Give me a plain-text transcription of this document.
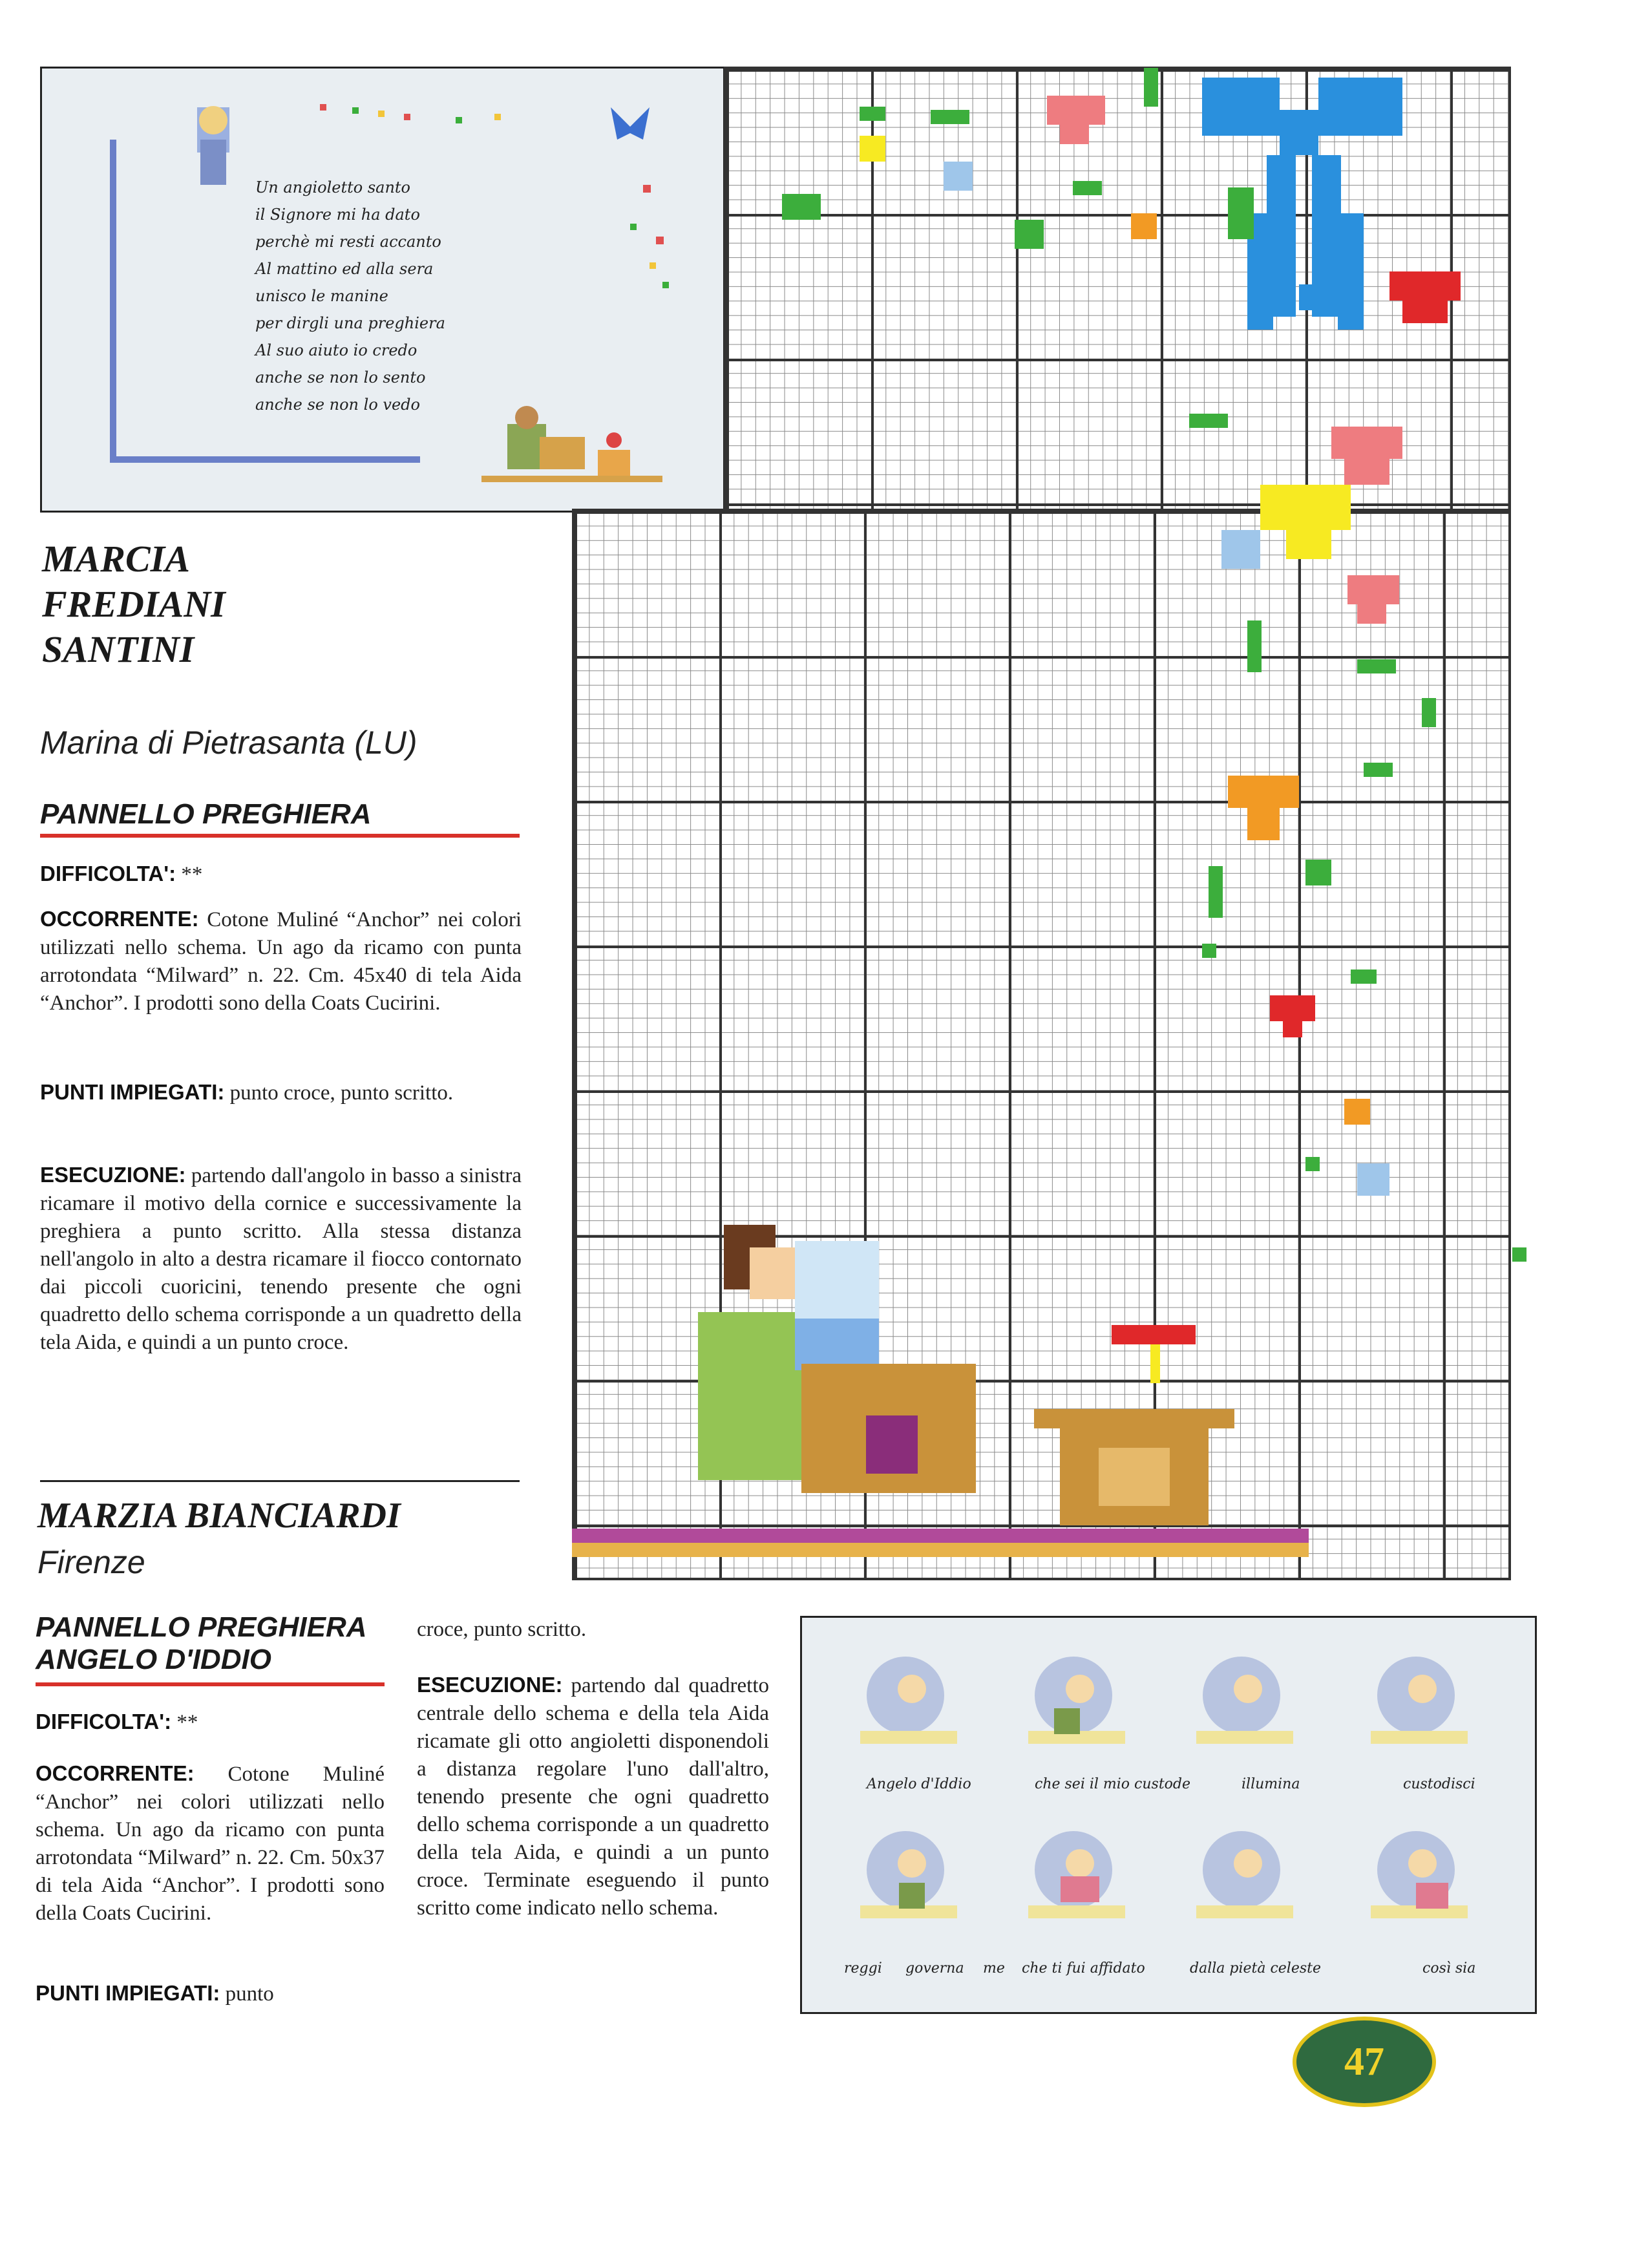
Un angioletto santo
il Signore mi ha dato
perchè mi resti accanto
Al mattino ed alla sera
unisco le manine
per dirgli una preghiera
Al suo aiuto io credo
anche se non lo sento
anche se non lo vedo
MARCIA
FREDIANI
SANTINI
Marina di Pietrasanta (LU)
PANNELLO PREGHIERA
DIFFICOLTA': **
OCCORRENTE: Cotone Muliné “Anchor” nei colori utilizzati nello schema. Un ago da ricamo con punta arrotondata “Milward” n. 22. Cm. 45x40 di tela Aida “Anchor”. I prodotti sono della Coats Cucirini.
PUNTI IMPIEGATI: punto croce, punto scritto.
ESECUZIONE: partendo dall'angolo in basso a sinistra ricamare il motivo della cornice e successivamente la preghiera a punto scritto. Alla stessa distanza nell'angolo in alto a destra ricamare il fiocco contornato dai piccoli cuoricini, tenendo presente che ogni quadretto dello schema corrisponde a un quadretto della tela Aida, e quindi a un punto croce.
MARZIA BIANCIARDI
Firenze
PANNELLO PREGHIERA
ANGELO D'IDDIO
DIFFICOLTA': **
OCCORRENTE: Cotone Muliné “Anchor” nei colori utilizzati nello schema. Un ago da ricamo con punta arrotondata “Milward” n. 22. Cm. 50x37 di tela Aida “Anchor”. I prodotti sono della Coats Cucirini.
PUNTI IMPIEGATI: punto
croce, punto scritto.
ESECUZIONE: partendo dal quadretto centrale dello schema e della tela Aida ricamate gli otto angioletti disponendoli a distanza regolare l'uno dall'altro, tenendo presente che ogni quadretto dello schema corrisponde a un quadretto della tela Aida, e quindi a un punto croce. Terminate eseguendo il punto scritto come indicato nello schema.
Angelo d'Iddio	che sei il mio custode	illumina	custodisci
reggi governa me che ti fui affidato	dalla pietà celeste	così sia
47
